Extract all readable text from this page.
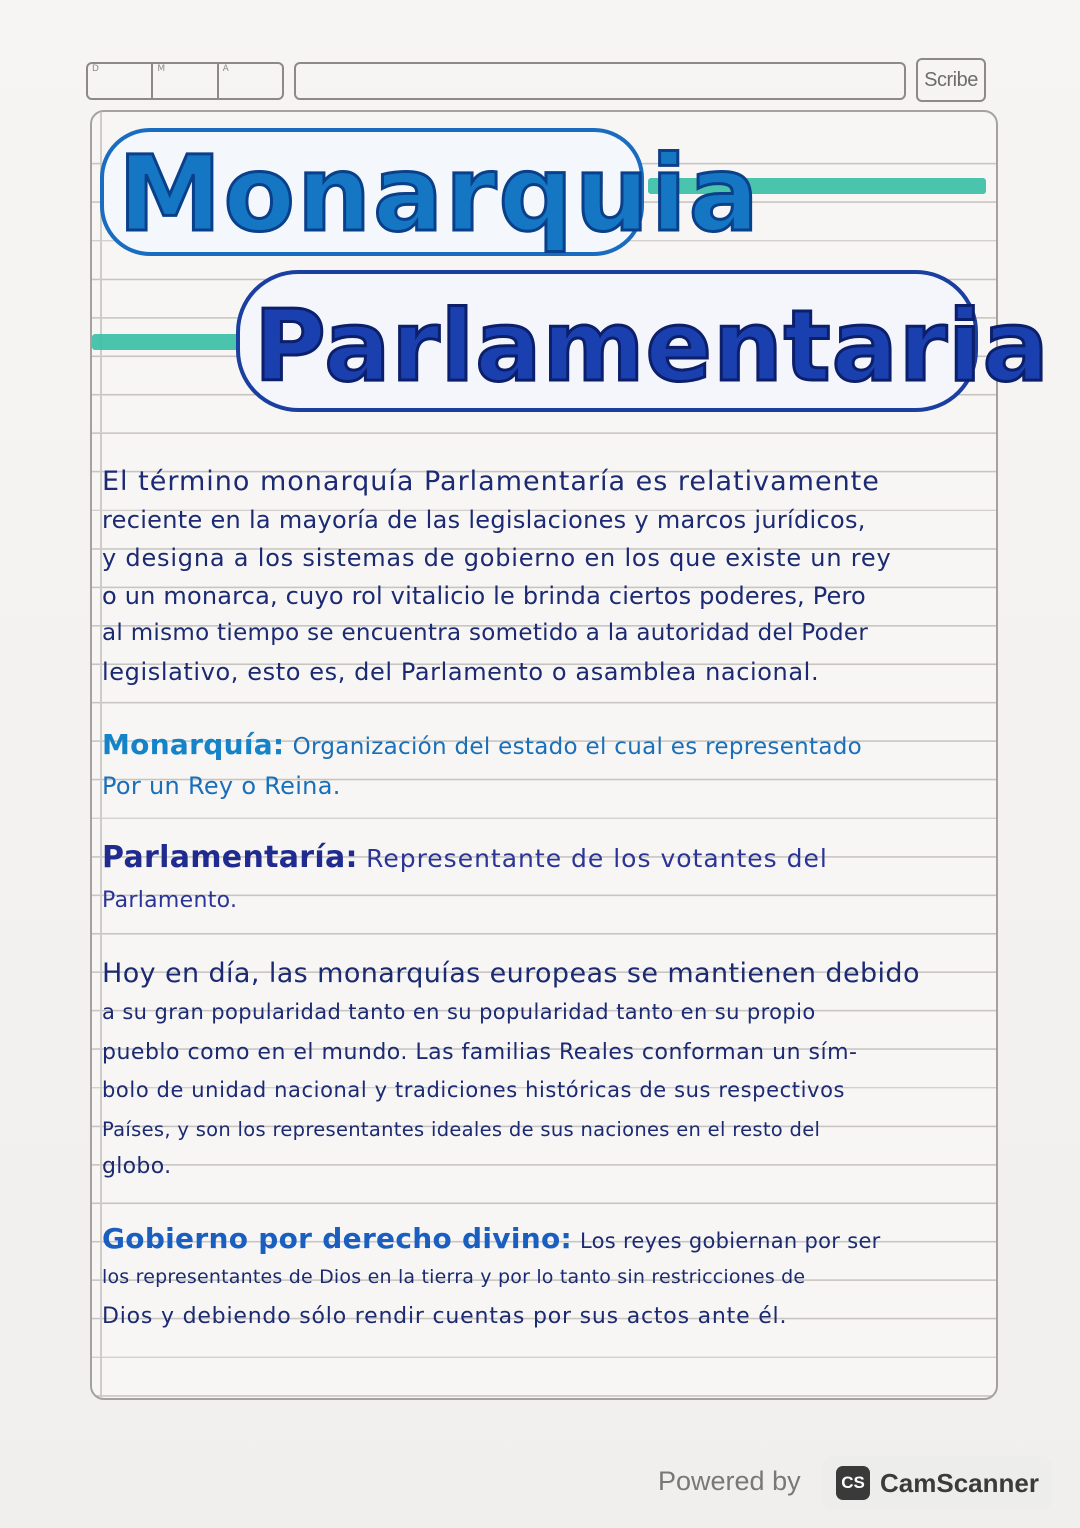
D	M	A	Scribe
Monarquia
Parlamentaria
El término monarquía Parlamentaría es relativamente
reciente en la mayoría de las legislaciones y marcos jurídicos,
y designa a los sistemas de gobierno en los que existe un rey
o un monarca, cuyo rol vitalicio le brinda ciertos poderes, Pero
al mismo tiempo se encuentra sometido a la autoridad del Poder
legislativo, esto es, del Parlamento o asamblea nacional.
Monarquía: Organización del estado el cual es representado
Por un Rey o Reina.
Parlamentaría: Representante de los votantes del
Parlamento.
Hoy en día, las monarquías europeas se mantienen debido
a su gran popularidad tanto en su popularidad tanto en su propio
pueblo como en el mundo. Las familias Reales conforman un sím-
bolo de unidad nacional y tradiciones históricas de sus respectivos
Países, y son los representantes ideales de sus naciones en el resto del
globo.
Gobierno por derecho divino: Los reyes gobiernan por ser
los representantes de Dios en la tierra y por lo tanto sin restricciones de
Dios y debiendo sólo rendir cuentas por sus actos ante él.
Powered by	CS CamScanner
